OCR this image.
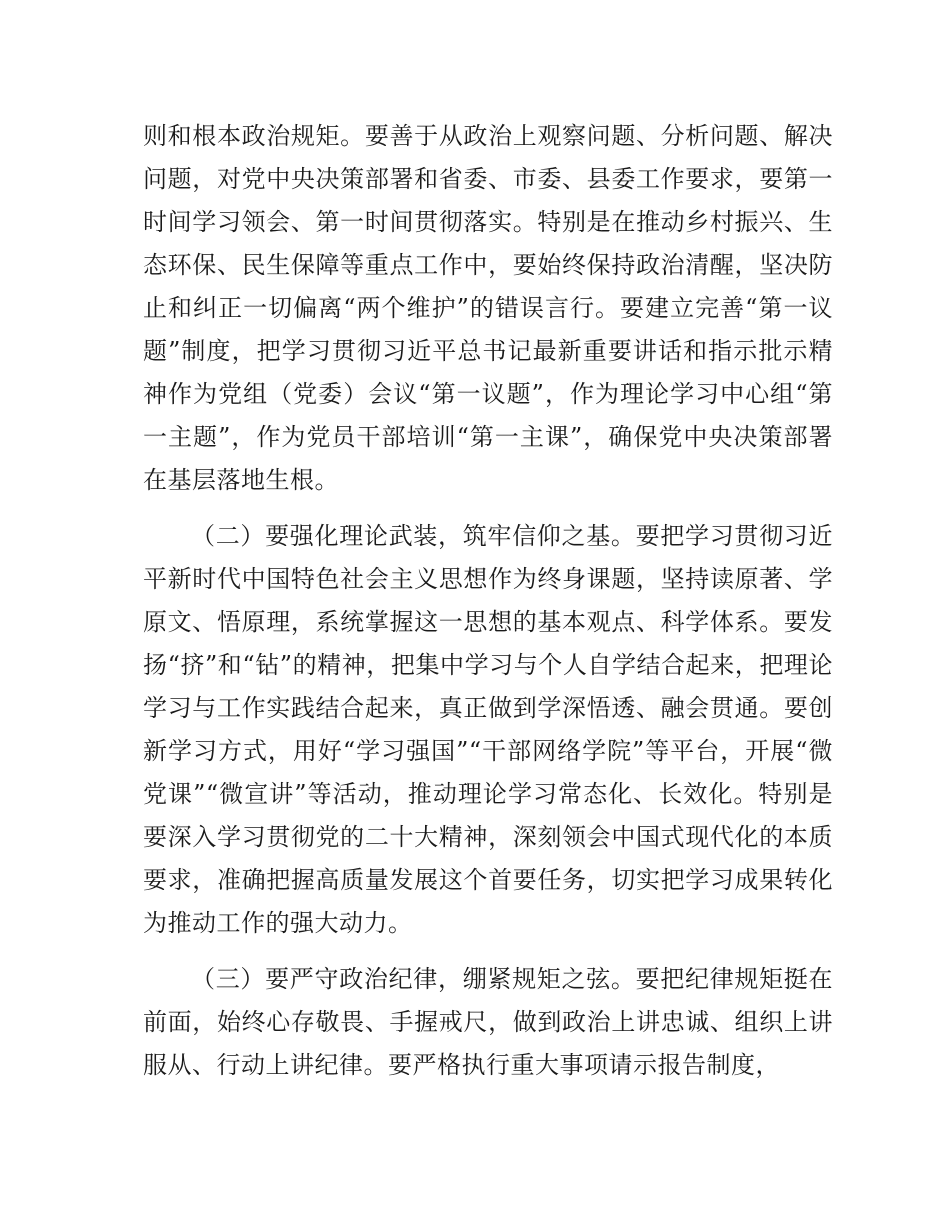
则和根本政治规矩。要善于从政治上观察问题、分析问题、解决问题，对党中央决策部署和省委、市委、县委工作要求，要第一时间学习领会、第一时间贯彻落实。特别是在推动乡村振兴、生态环保、民生保障等重点工作中，要始终保持政治清醒，坚决防止和纠正一切偏离“两个维护”的错误言行。要建立完善“第一议题”制度，把学习贯彻习近平总书记最新重要讲话和指示批示精神作为党组（党委）会议“第一议题”，作为理论学习中心组“第一主题”，作为党员干部培训“第一主课”，确保党中央决策部署在基层落地生根。

（二）要强化理论武装，筑牢信仰之基。要把学习贯彻习近平新时代中国特色社会主义思想作为终身课题，坚持读原著、学原文、悟原理，系统掌握这一思想的基本观点、科学体系。要发扬“挤”和“钻”的精神，把集中学习与个人自学结合起来，把理论学习与工作实践结合起来，真正做到学深悟透、融会贯通。要创新学习方式，用好“学习强国”“干部网络学院”等平台，开展“微党课”“微宣讲”等活动，推动理论学习常态化、长效化。特别是要深入学习贯彻党的二十大精神，深刻领会中国式现代化的本质要求，准确把握高质量发展这个首要任务，切实把学习成果转化为推动工作的强大动力。

（三）要严守政治纪律，绷紧规矩之弦。要把纪律规矩挺在前面，始终心存敬畏、手握戒尺，做到政治上讲忠诚、组织上讲服从、行动上讲纪律。要严格执行重大事项请示报告制度，
